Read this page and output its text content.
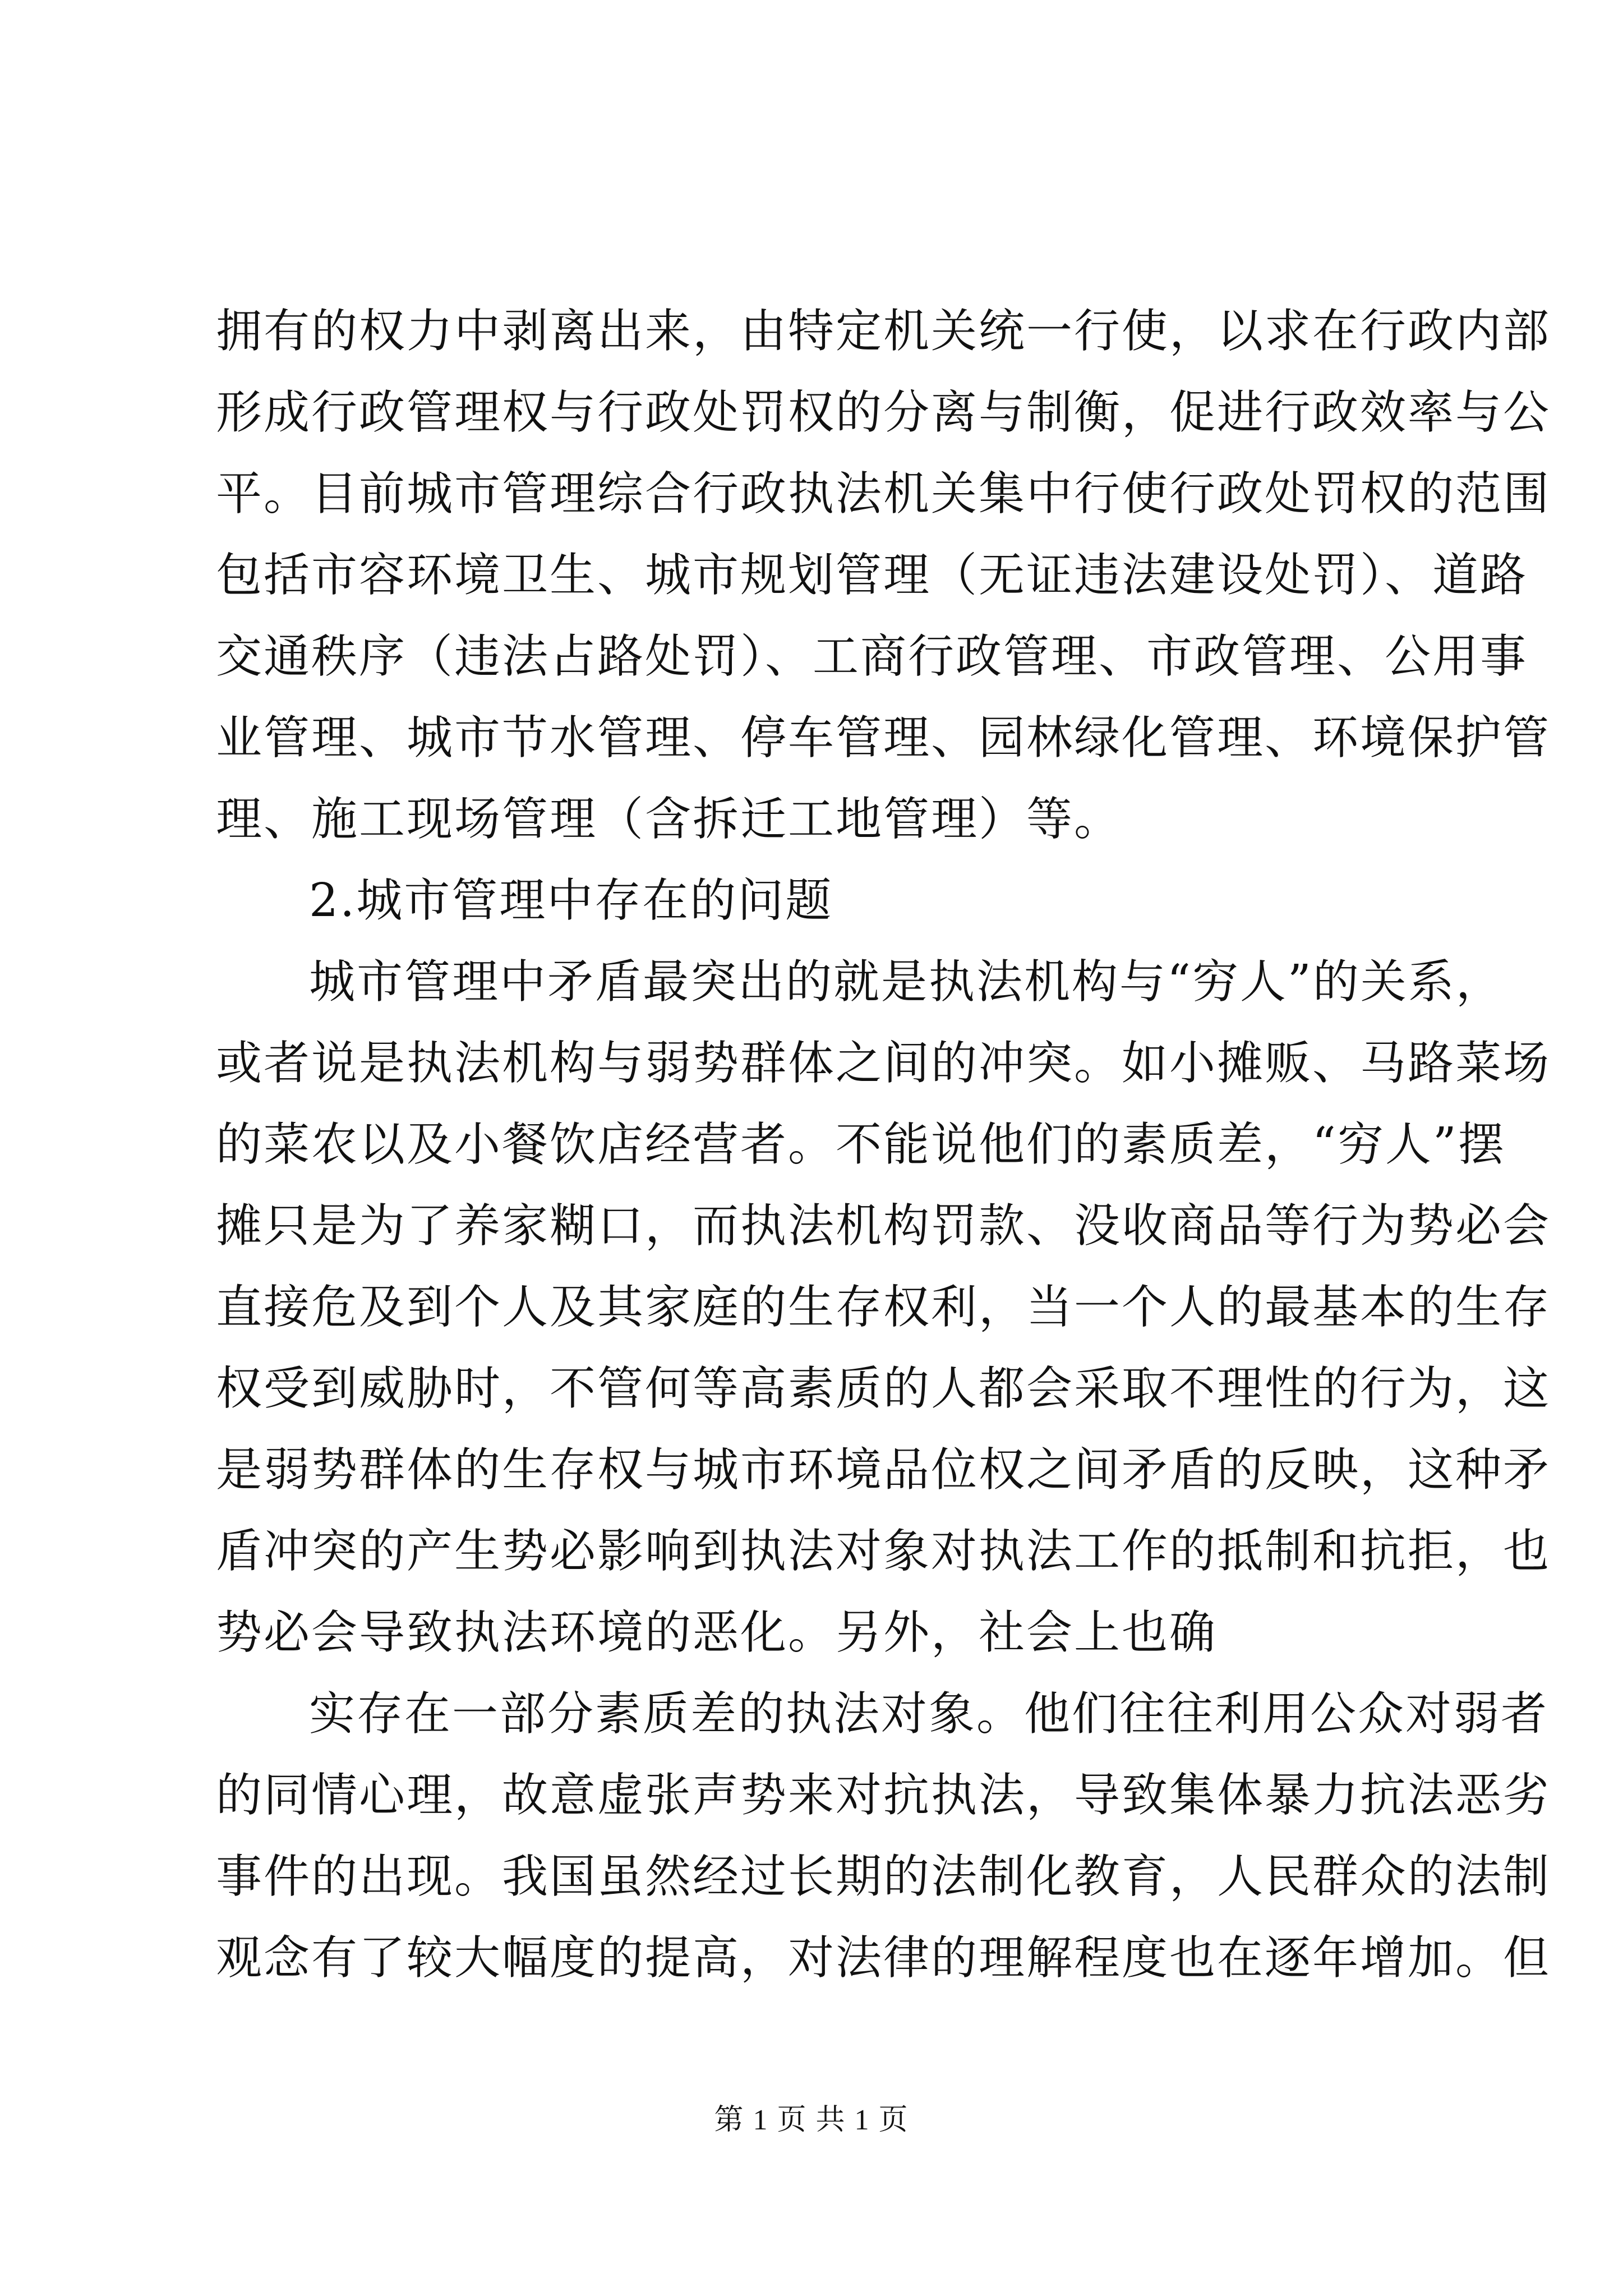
拥有的权力中剥离出来，由特定机关统一行使，以求在行政内部
形成行政管理权与行政处罚权的分离与制衡，促进行政效率与公
平。目前城市管理综合行政执法机关集中行使行政处罚权的范围
包括市容环境卫生、城市规划管理（无证违法建设处罚）、道路
交通秩序（违法占路处罚）、工商行政管理、市政管理、公用事
业管理、城市节水管理、停车管理、园林绿化管理、环境保护管
理、施工现场管理（含拆迁工地管理）等。
2.城市管理中存在的问题
城市管理中矛盾最突出的就是执法机构与“穷人”的关系，
或者说是执法机构与弱势群体之间的冲突。如小摊贩、马路菜场
的菜农以及小餐饮店经营者。不能说他们的素质差，“穷人”摆
摊只是为了养家糊口，而执法机构罚款、没收商品等行为势必会
直接危及到个人及其家庭的生存权利，当一个人的最基本的生存
权受到威胁时，不管何等高素质的人都会采取不理性的行为，这
是弱势群体的生存权与城市环境品位权之间矛盾的反映，这种矛
盾冲突的产生势必影响到执法对象对执法工作的抵制和抗拒，也
势必会导致执法环境的恶化。另外，社会上也确
实存在一部分素质差的执法对象。他们往往利用公众对弱者
的同情心理，故意虚张声势来对抗执法，导致集体暴力抗法恶劣
事件的出现。我国虽然经过长期的法制化教育，人民群众的法制
观念有了较大幅度的提高，对法律的理解程度也在逐年增加。但
第 1 页 共 1 页
